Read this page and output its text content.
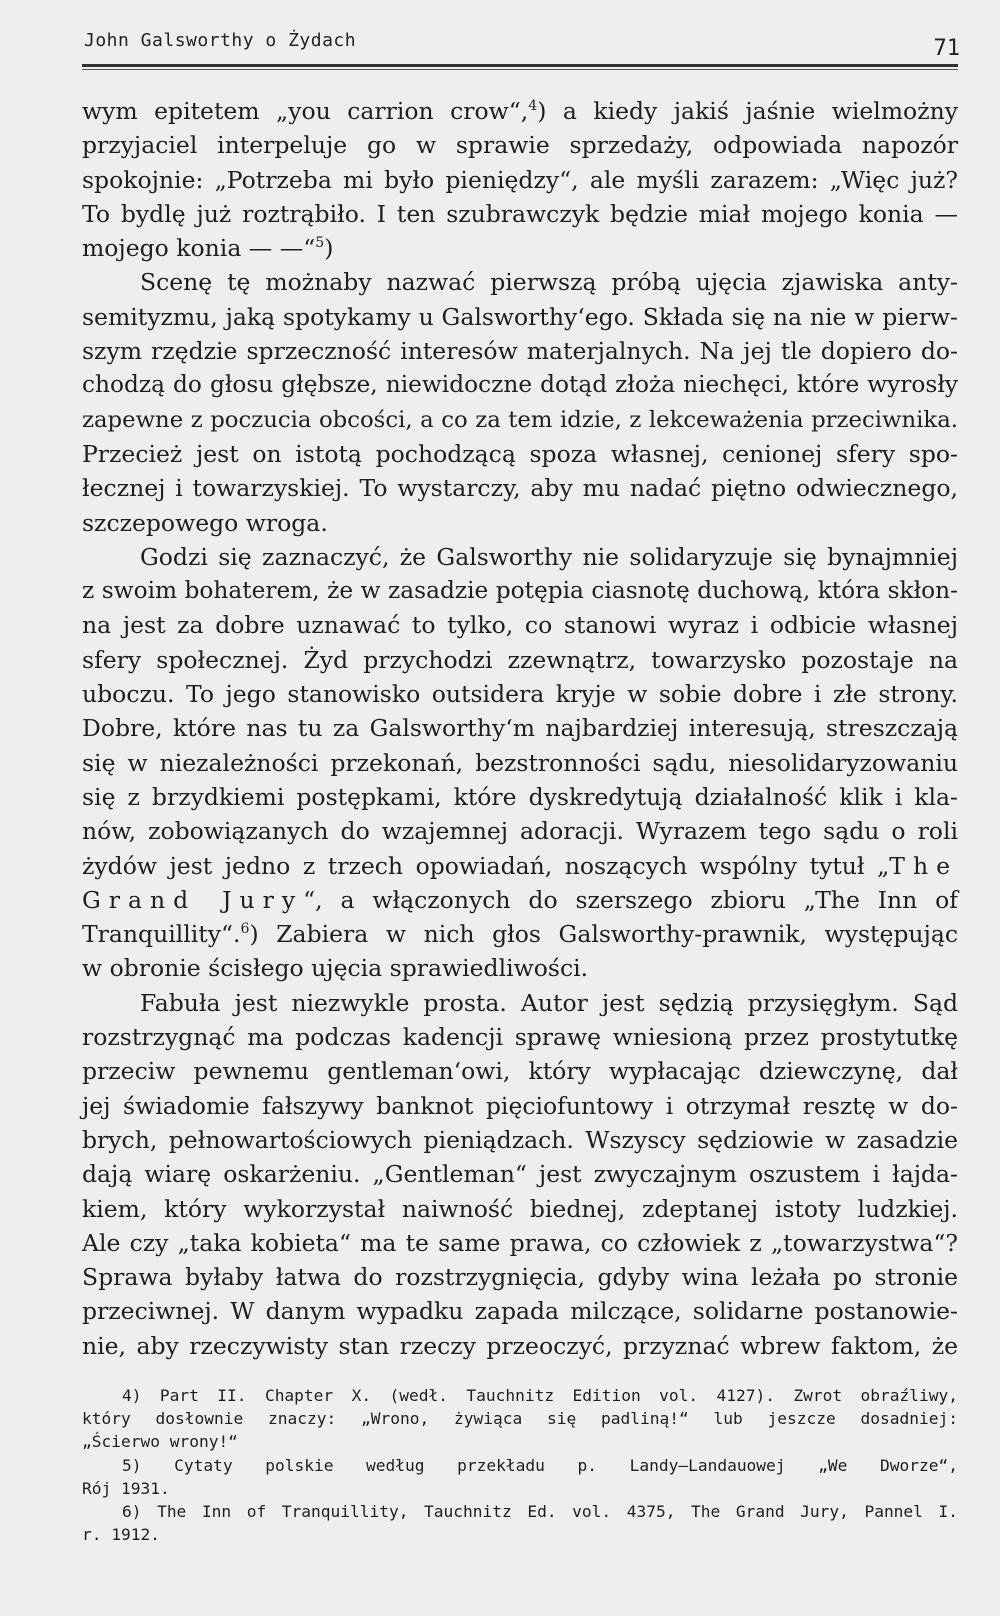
John Galsworthy o Żydach	71

wym epitetem „you carrion crow“,$^4$) a kiedy jakiś jaśnie wielmożny
przyjaciel interpeluje go w sprawie sprzedaży, odpowiada napozór
spokojnie: „Potrzeba mi było pieniędzy“, ale myśli zarazem: „Więc już?
To bydlę już roztrąbiło. I ten szubrawczyk będzie miał mojego konia —
mojego konia — —“$^5$)

Scenę tę możnaby nazwać pierwszą próbą ujęcia zjawiska anty-
semityzmu, jaką spotykamy u Galsworthy‘ego. Składa się na nie w pierw-
szym rzędzie sprzeczność interesów materjalnych. Na jej tle dopiero do-
chodzą do głosu głębsze, niewidoczne dotąd złoża niechęci, które wyrosły
zapewne z poczucia obcości, a co za tem idzie, z lekceważenia przeciwnika.
Przecież jest on istotą pochodzącą spoza własnej, cenionej sfery spo-
łecznej i towarzyskiej. To wystarczy, aby mu nadać piętno odwiecznego,
szczepowego wroga.

Godzi się zaznaczyć, że Galsworthy nie solidaryzuje się bynajmniej
z swoim bohaterem, że w zasadzie potępia ciasnotę duchową, która skłon-
na jest za dobre uznawać to tylko, co stanowi wyraz i odbicie własnej
sfery społecznej. Żyd przychodzi zzewnątrz, towarzysko pozostaje na
uboczu. To jego stanowisko outsidera kryje w sobie dobre i złe strony.
Dobre, które nas tu za Galsworthy‘m najbardziej interesują, streszczają
się w niezależności przekonań, bezstronności sądu, niesolidaryzowaniu
się z brzydkiemi postępkami, które dyskredytują działalność klik i kla-
nów, zobowiązanych do wzajemnej adoracji. Wyrazem tego sądu o roli
żydów jest jedno z trzech opowiadań, noszących wspólny tytuł „The
Grand Jury“, a włączonych do szerszego zbioru „The Inn of
Tranquillity“.$^6$) Zabiera w nich głos Galsworthy-prawnik, występując
w obronie ścisłego ujęcia sprawiedliwości.

Fabuła jest niezwykle prosta. Autor jest sędzią przysięgłym. Sąd
rozstrzygnąć ma podczas kadencji sprawę wniesioną przez prostytutkę
przeciw pewnemu gentleman‘owi, który wypłacając dziewczynę, dał
jej świadomie fałszywy banknot pięciofuntowy i otrzymał resztę w do-
brych, pełnowartościowych pieniądzach. Wszyscy sędziowie w zasadzie
dają wiarę oskarżeniu. „Gentleman“ jest zwyczajnym oszustem i łajda-
kiem, który wykorzystał naiwność biednej, zdeptanej istoty ludzkiej.
Ale czy „taka kobieta“ ma te same prawa, co człowiek z „towarzystwa“?
Sprawa byłaby łatwa do rozstrzygnięcia, gdyby wina leżała po stronie
przeciwnej. W danym wypadku zapada milczące, solidarne postanowie-
nie, aby rzeczywisty stan rzeczy przeoczyć, przyznać wbrew faktom, że

4) Part II. Chapter X. (wedł. Tauchnitz Edition vol. 4127). Zwrot obraźliwy,
który dosłownie znaczy: „Wrono, żywiąca się padliną!“ lub jeszcze dosadniej:
„Ścierwo wrony!“

5) Cytaty polskie według przekładu p. Landy—Landauowej „We Dworze“,
Rój 1931.

6) The Inn of Tranquillity, Tauchnitz Ed. vol. 4375, The Grand Jury, Pannel I.
r. 1912.
